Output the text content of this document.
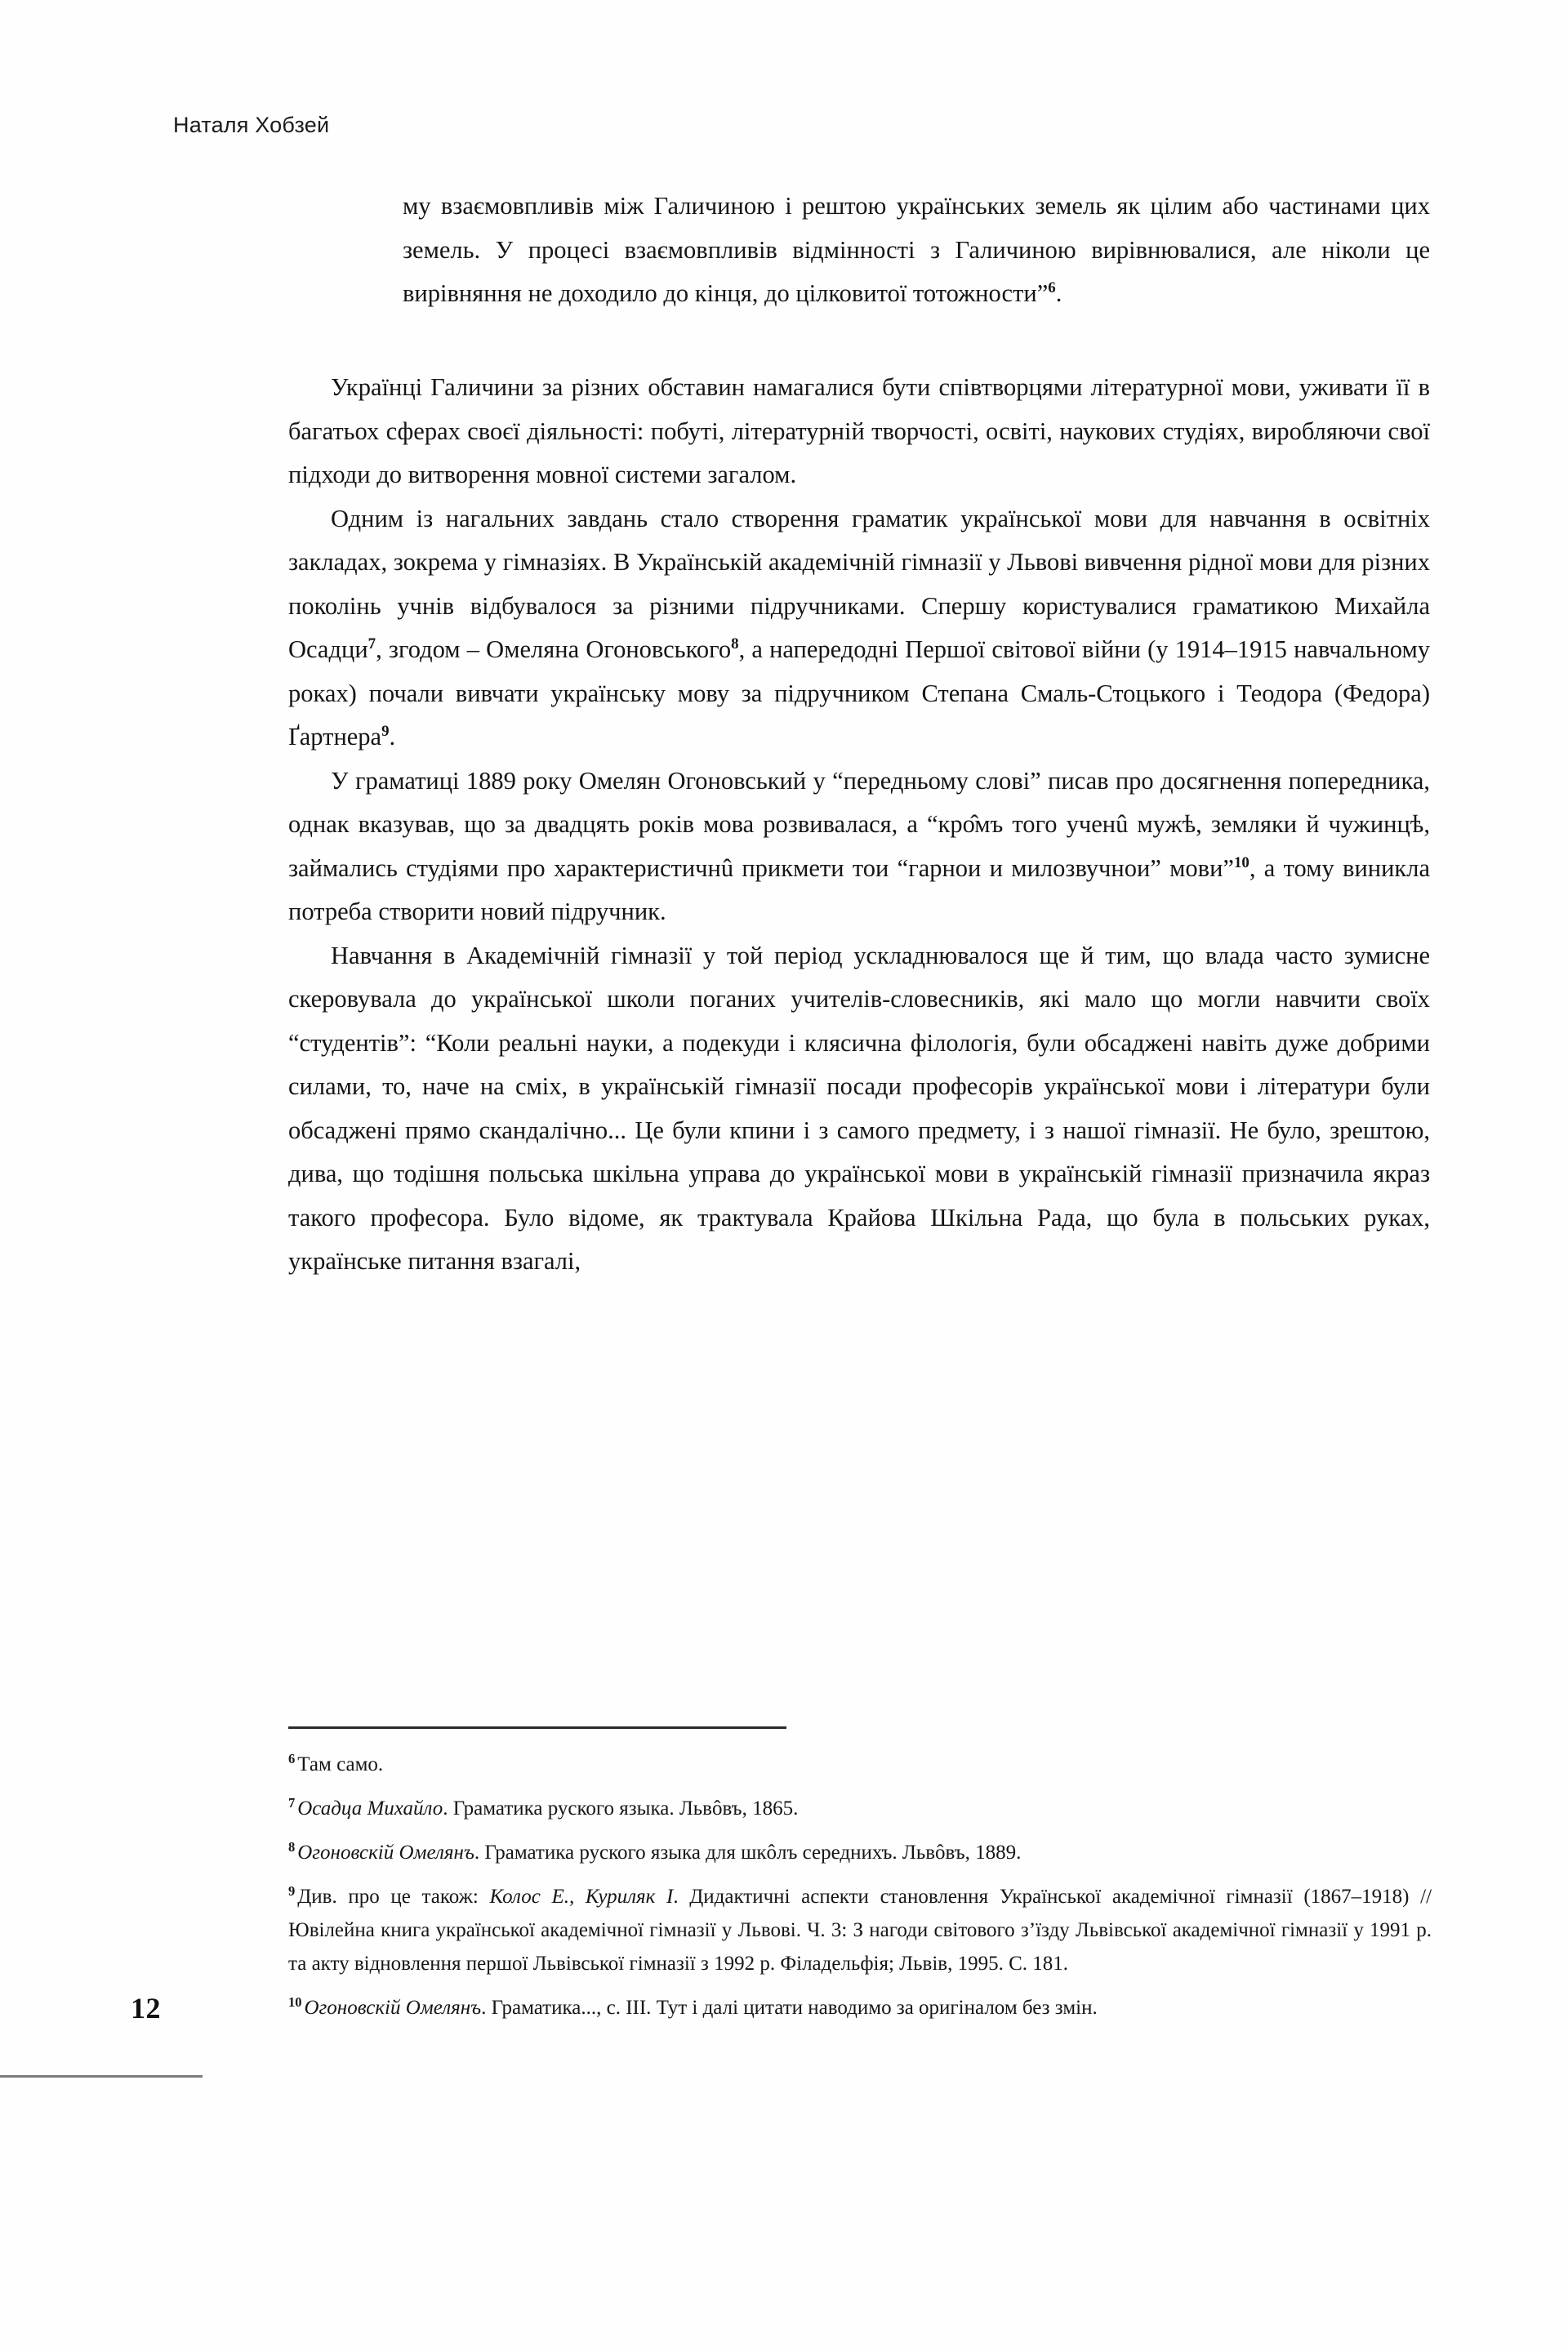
Наталя Хобзей
12

му взаємовпливів між Галичиною і рештою українських земель як цілим або частинами цих земель. У процесі взаємовпливів відмінності з Галичиною вирівнювалися, але ніколи це вирівняння не доходило до кінця, до цілковитої тотожности”$^6$.

Українці Галичини за різних обставин намагалися бути співтворцями літературної мови, уживати її в багатьох сферах своєї діяльності: побуті, літературній творчості, освіті, наукових студіях, виробляючи свої підходи до витворення мовної системи загалом.

Одним із нагальних завдань стало створення граматик української мови для навчання в освітніх закладах, зокрема у гімназіях. В Українській академічній гімназії у Львові вивчення рідної мови для різних поколінь учнів відбувалося за різними підручниками. Спершу користувалися граматикою Михайла Осадци$^7$, згодом – Омеляна Огоновського$^8$, а напередодні Першої світової війни (у 1914–1915 навчальному роках) почали вивчати українську мову за підручником Степана Смаль-Стоцького і Теодора (Федора) Ґартнера$^9$.

У граматиці 1889 року Омелян Огоновський у “передньому слові” писав про досягнення попередника, однак вказував, що за двадцять років мова розвивалася, а “кро̂мъ того ученû мужѣ, земляки й чужинцѣ, займались студіями про характеристичнû прикмети тои “гарнои и милозвучнои” мови”$^{10}$, а тому виникла потреба створити новий підручник.

Навчання в Академічній гімназії у той період ускладнювалося ще й тим, що влада часто зумисне скеровувала до української школи поганих учителів-словесників, які мало що могли навчити своїх “студентів”: “Коли реальні науки, а подекуди і клясична філологія, були обсаджені навіть дуже добрими силами, то, наче на сміх, в українській гімназії посади професорів української мови і літератури були обсаджені прямо скандалічно... Це були кпини і з самого предмету, і з нашої гімназії. Не було, зрештою, дива, що тодішня польська шкільна управа до української мови в українській гімназії призначила якраз такого професора. Було відоме, як трактувала Крайова Шкільна Рада, що була в польських руках, українське питання взагалі,

$^6$ Там само.

$^7$ Осадца Михайло. Граматика руского языка. Львôвъ, 1865.

$^8$ Огоновскій Омелянъ. Граматика руского языка для шкôлъ середнихъ. Львôвъ, 1889.

$^9$ Див. про це також: Колос Е., Куриляк І. Дидактичні аспекти становлення Української академічної гімназії (1867–1918) // Ювілейна книга української академічної гімназії у Львові. Ч. 3: З нагоди світового з’їзду Львівської академічної гімназії у 1991 р. та акту відновлення першої Львівської гімназії з 1992 р. Філадельфія; Львів, 1995. С. 181.

$^{10}$ Огоновскій Омелянъ. Граматика..., с. III. Тут і далі цитати наводимо за оригіналом без змін.
